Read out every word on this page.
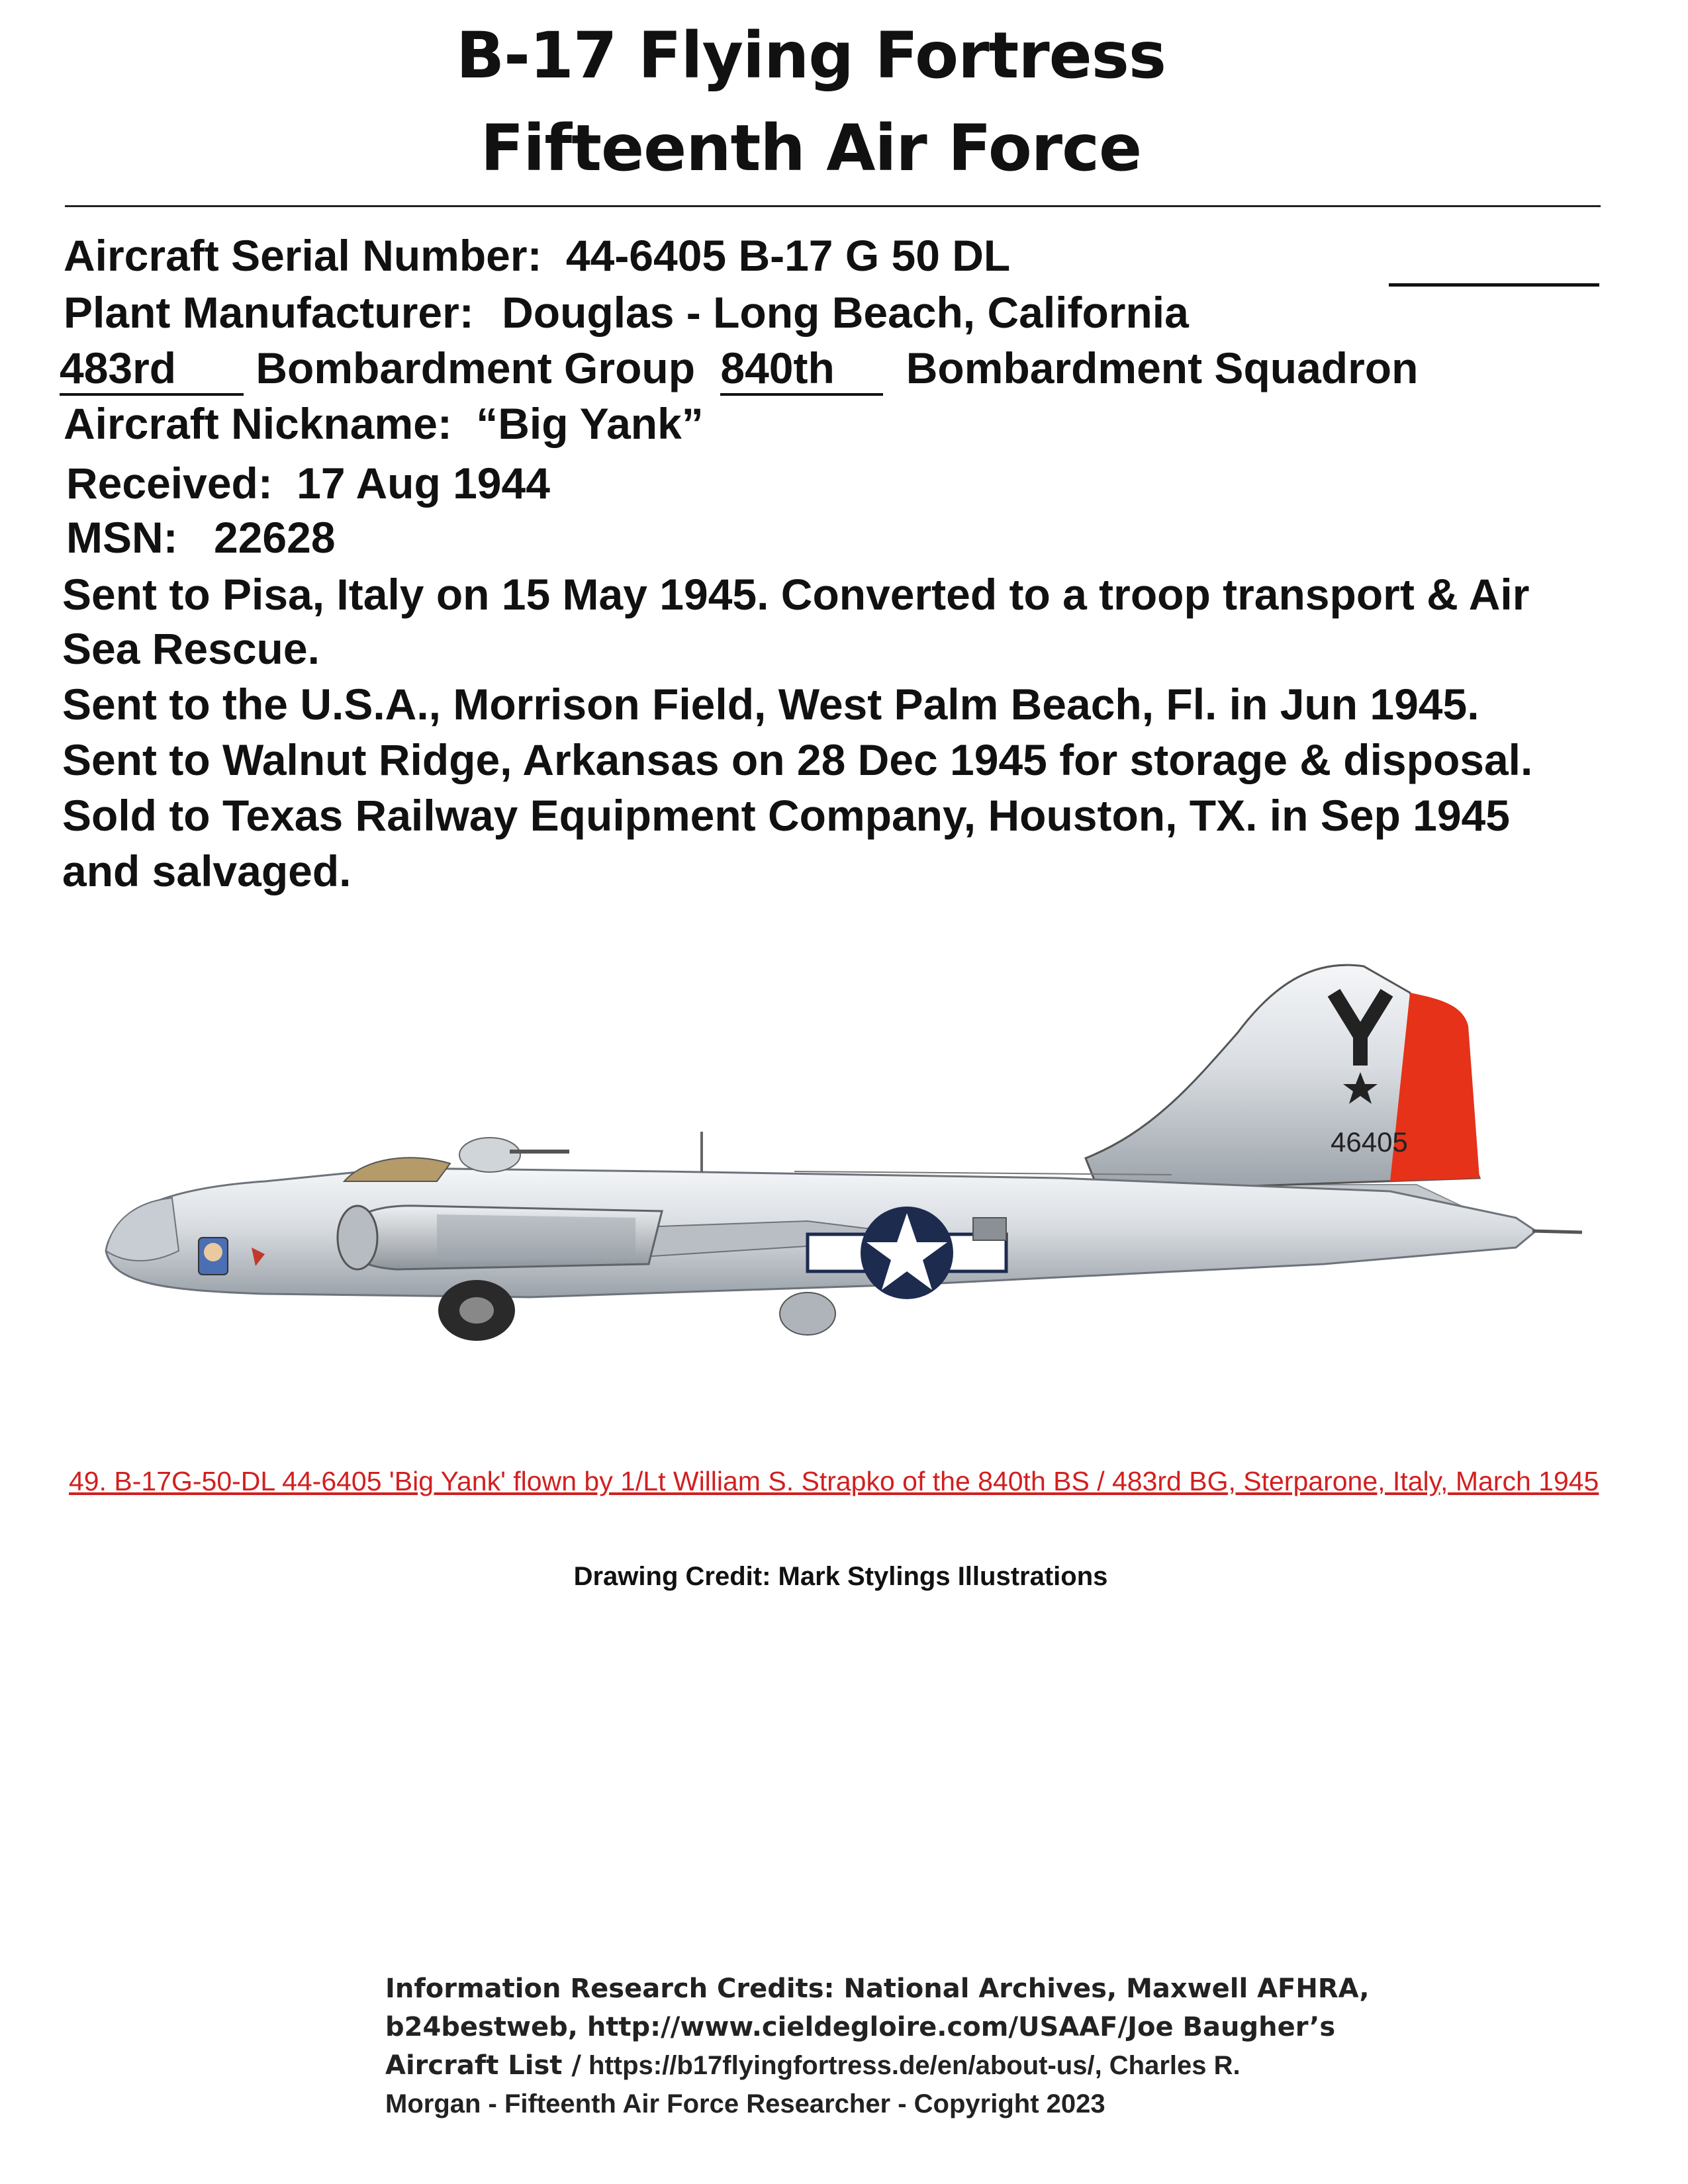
B-17 Flying Fortress
Fifteenth Air Force
Aircraft Serial Number: 44-6405 B-17 G 50 DL
Plant Manufacturer: Douglas - Long Beach, California
483rd Bombardment Group 840th Bombardment Squadron
Aircraft Nickname: “Big Yank”
Received: 17 Aug 1944
MSN: 22628
Sent to Pisa, Italy on 15 May 1945. Converted to a troop transport & Air
Sea Rescue.
Sent to the U.S.A., Morrison Field, West Palm Beach, Fl. in Jun 1945.
Sent to Walnut Ridge, Arkansas on 28 Dec 1945 for storage & disposal.
Sold to Texas Railway Equipment Company, Houston, TX. in Sep 1945
and salvaged.
46405
49. B-17G-50-DL 44-6405 'Big Yank' flown by 1/Lt William S. Strapko of the 840th BS / 483rd BG, Sterparone, Italy, March 1945
Drawing Credit: Mark Stylings Illustrations
Information Research Credits: National Archives, Maxwell AFHRA,
b24bestweb, http://www.cieldegloire.com/USAAF/Joe Baugher’s
Aircraft List / https://b17flyingfortress.de/en/about-us/, Charles R.
Morgan - Fifteenth Air Force Researcher - Copyright 2023
